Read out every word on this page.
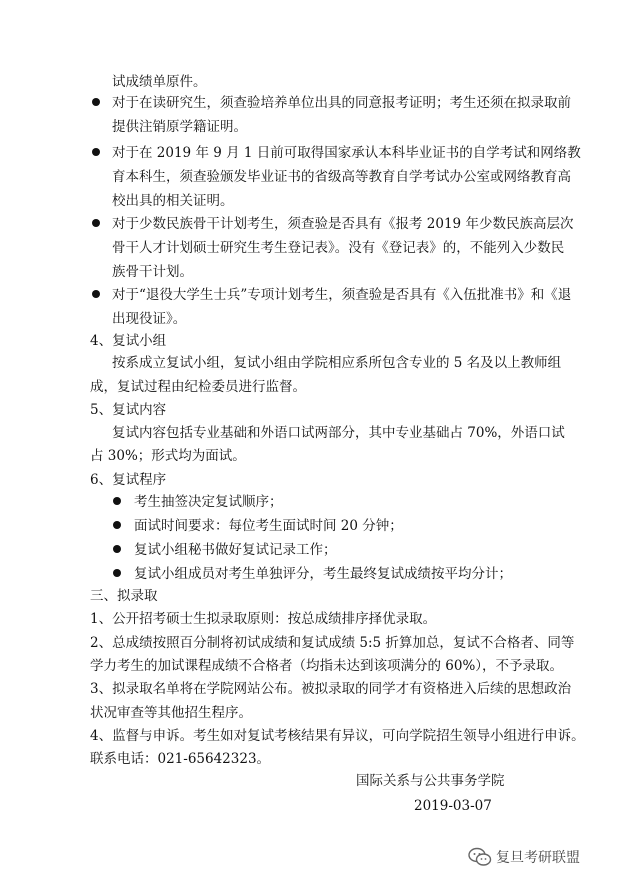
试成绩单原件。
对于在读研究生，须查验培养单位出具的同意报考证明；考生还须在拟录取前
提供注销原学籍证明。
对于在 2019 年 9 月 1 日前可取得国家承认本科毕业证书的自学考试和网络教
育本科生，须查验颁发毕业证书的省级高等教育自学考试办公室或网络教育高
校出具的相关证明。
对于少数民族骨干计划考生，须查验是否具有《报考 2019 年少数民族高层次
骨干人才计划硕士研究生考生登记表》。没有《登记表》的，不能列入少数民
族骨干计划。
对于“退役大学生士兵”专项计划考生，须查验是否具有《入伍批准书》和《退
出现役证》。
4、复试小组
按系成立复试小组，复试小组由学院相应系所包含专业的 5 名及以上教师组
成，复试过程由纪检委员进行监督。
5、复试内容
复试内容包括专业基础和外语口试两部分，其中专业基础占 70%，外语口试
占 30%；形式均为面试。
6、复试程序
考生抽签决定复试顺序；
面试时间要求：每位考生面试时间 20 分钟；
复试小组秘书做好复试记录工作；
复试小组成员对考生单独评分，考生最终复试成绩按平均分计；
三、拟录取
1、公开招考硕士生拟录取原则：按总成绩排序择优录取。
2、总成绩按照百分制将初试成绩和复试成绩 5:5 折算加总，复试不合格者、同等
学力考生的加试课程成绩不合格者（均指未达到该项满分的 60%），不予录取。
3、拟录取名单将在学院网站公布。被拟录取的同学才有资格进入后续的思想政治
状况审查等其他招生程序。
4、监督与申诉。考生如对复试考核结果有异议，可向学院招生领导小组进行申诉。
联系电话：021-65642323。
国际关系与公共事务学院
2019-03-07
复旦考研联盟
